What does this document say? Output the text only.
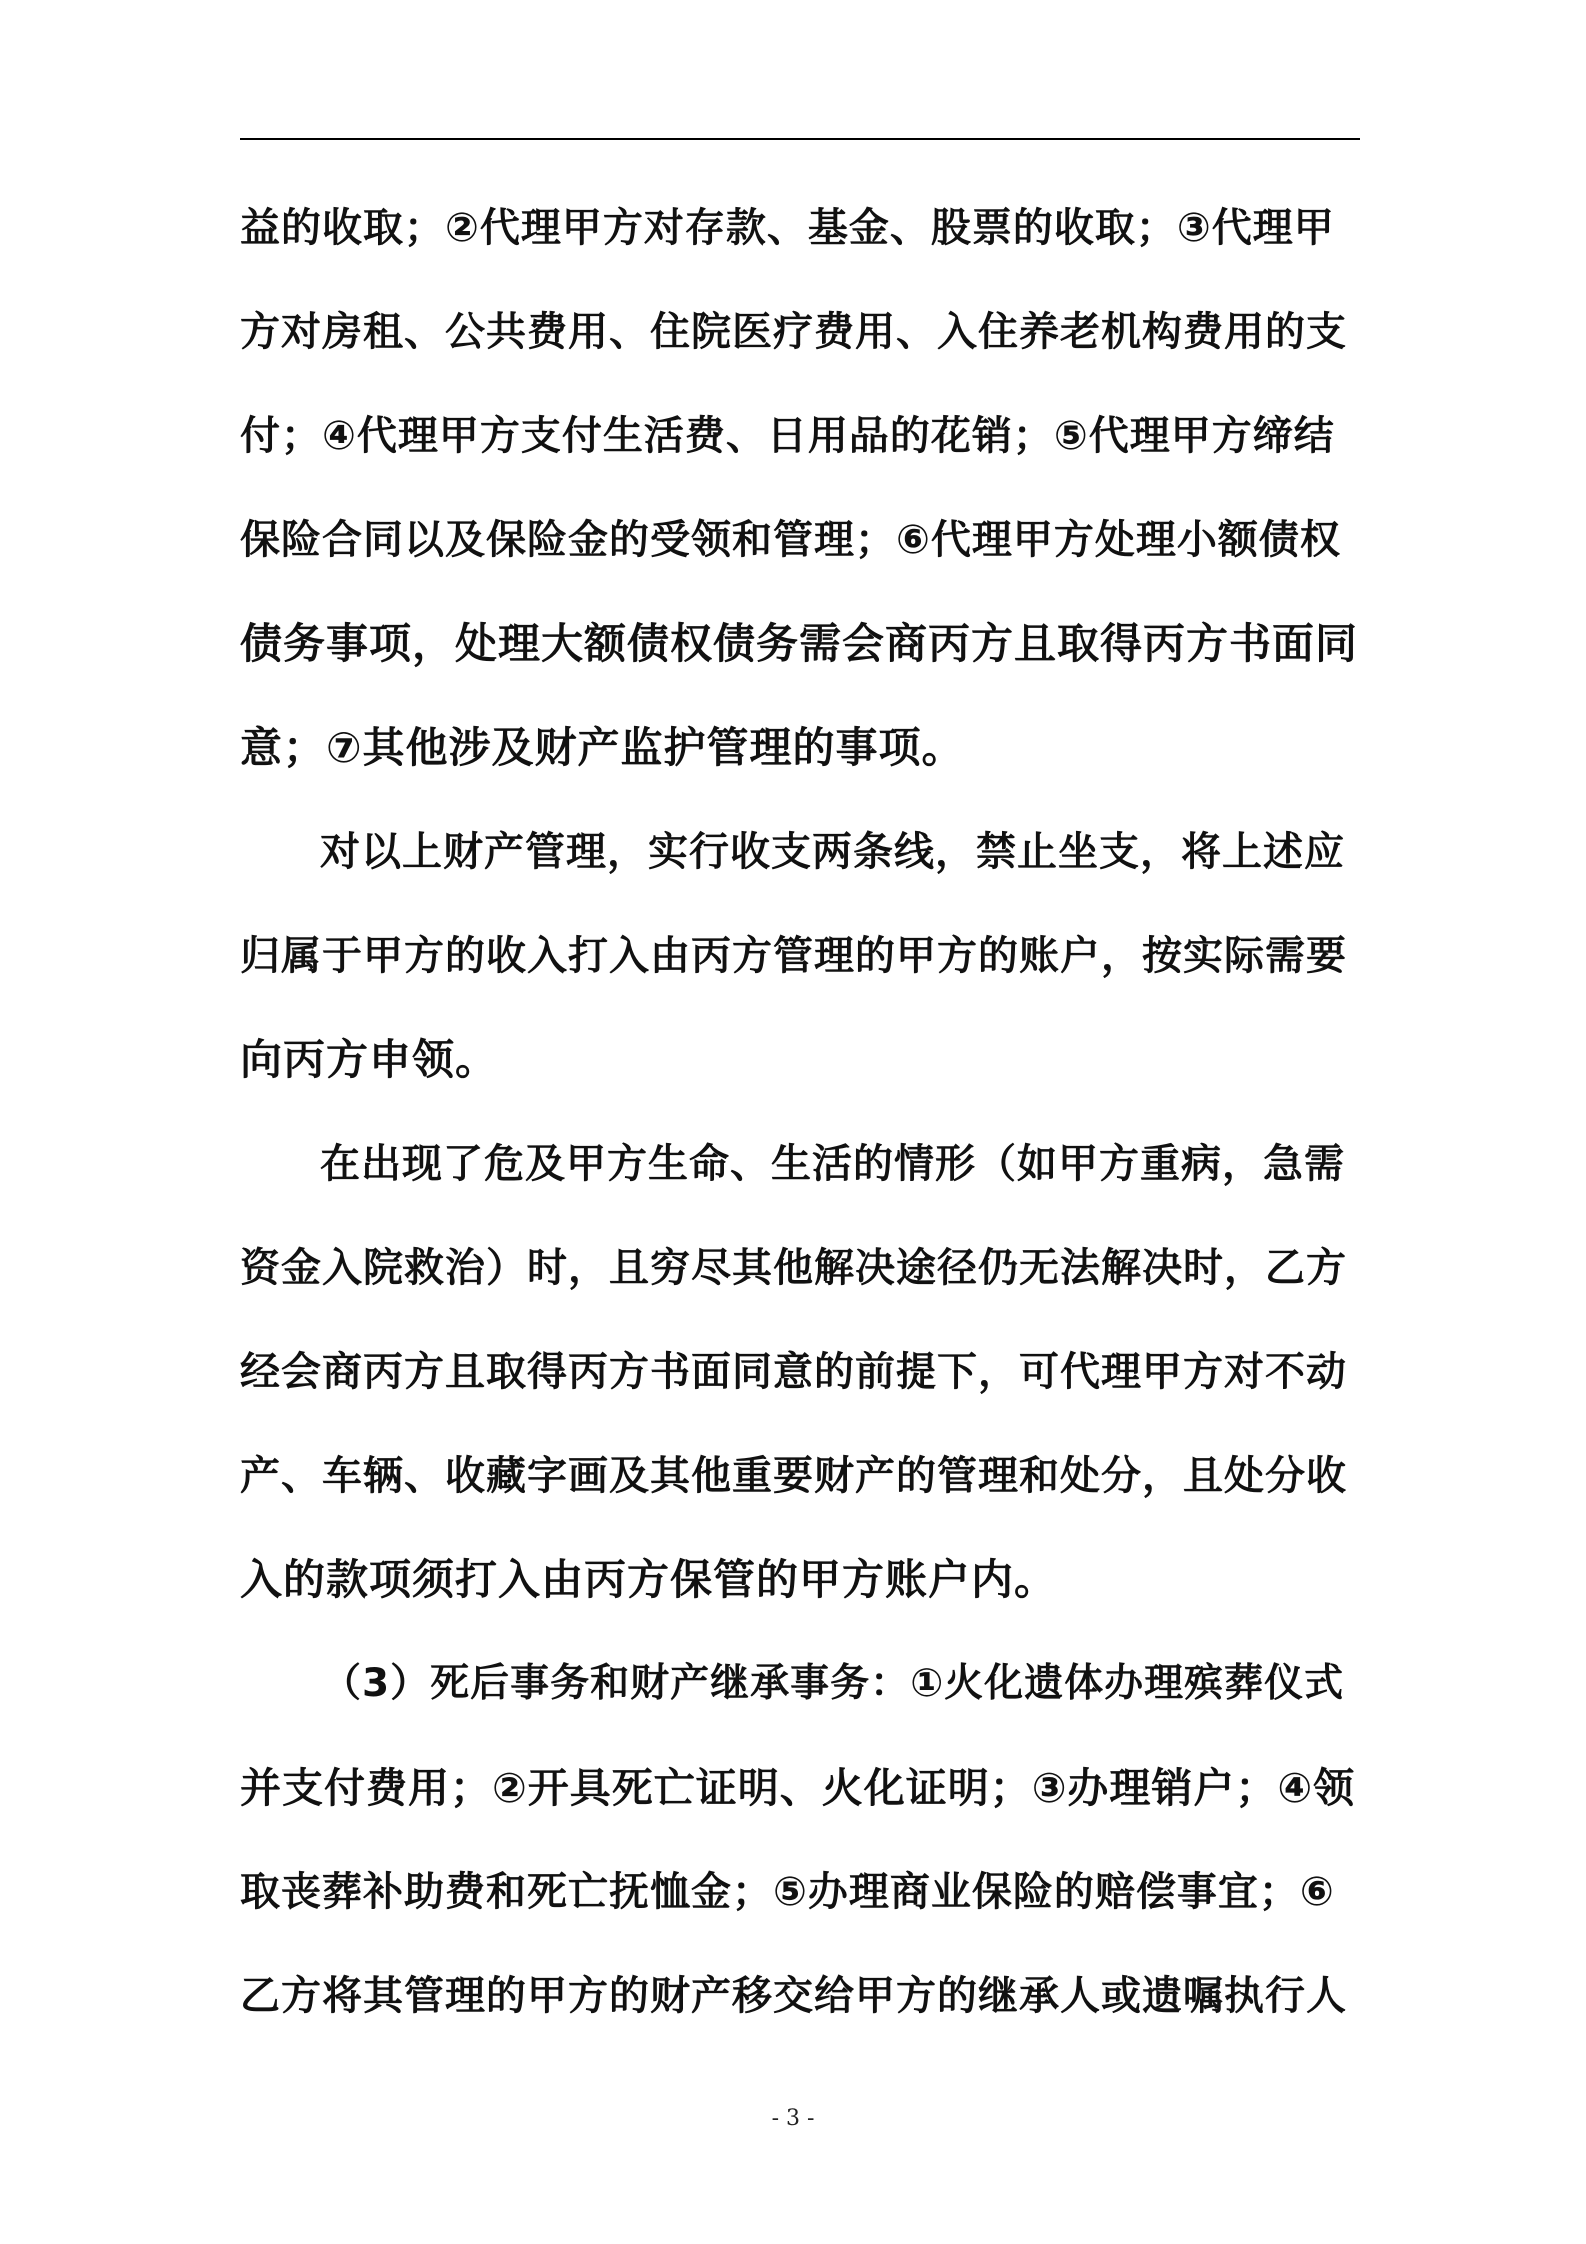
益的收取；②代理甲方对存款、基金、股票的收取；③代理甲
方对房租、公共费用、住院医疗费用、入住养老机构费用的支
付；④代理甲方支付生活费、日用品的花销；⑤代理甲方缔结
保险合同以及保险金的受领和管理；⑥代理甲方处理小额债权
债务事项，处理大额债权债务需会商丙方且取得丙方书面同
意；⑦其他涉及财产监护管理的事项。
对以上财产管理，实行收支两条线，禁止坐支，将上述应
归属于甲方的收入打入由丙方管理的甲方的账户，按实际需要
向丙方申领。
在出现了危及甲方生命、生活的情形（如甲方重病，急需
资金入院救治）时，且穷尽其他解决途径仍无法解决时，乙方
经会商丙方且取得丙方书面同意的前提下，可代理甲方对不动
产、车辆、收藏字画及其他重要财产的管理和处分，且处分收
入的款项须打入由丙方保管的甲方账户内。
（3）死后事务和财产继承事务：①火化遗体办理殡葬仪式
并支付费用；②开具死亡证明、火化证明；③办理销户；④领
取丧葬补助费和死亡抚恤金；⑤办理商业保险的赔偿事宜；⑥
乙方将其管理的甲方的财产移交给甲方的继承人或遗嘱执行人
- 3 -
